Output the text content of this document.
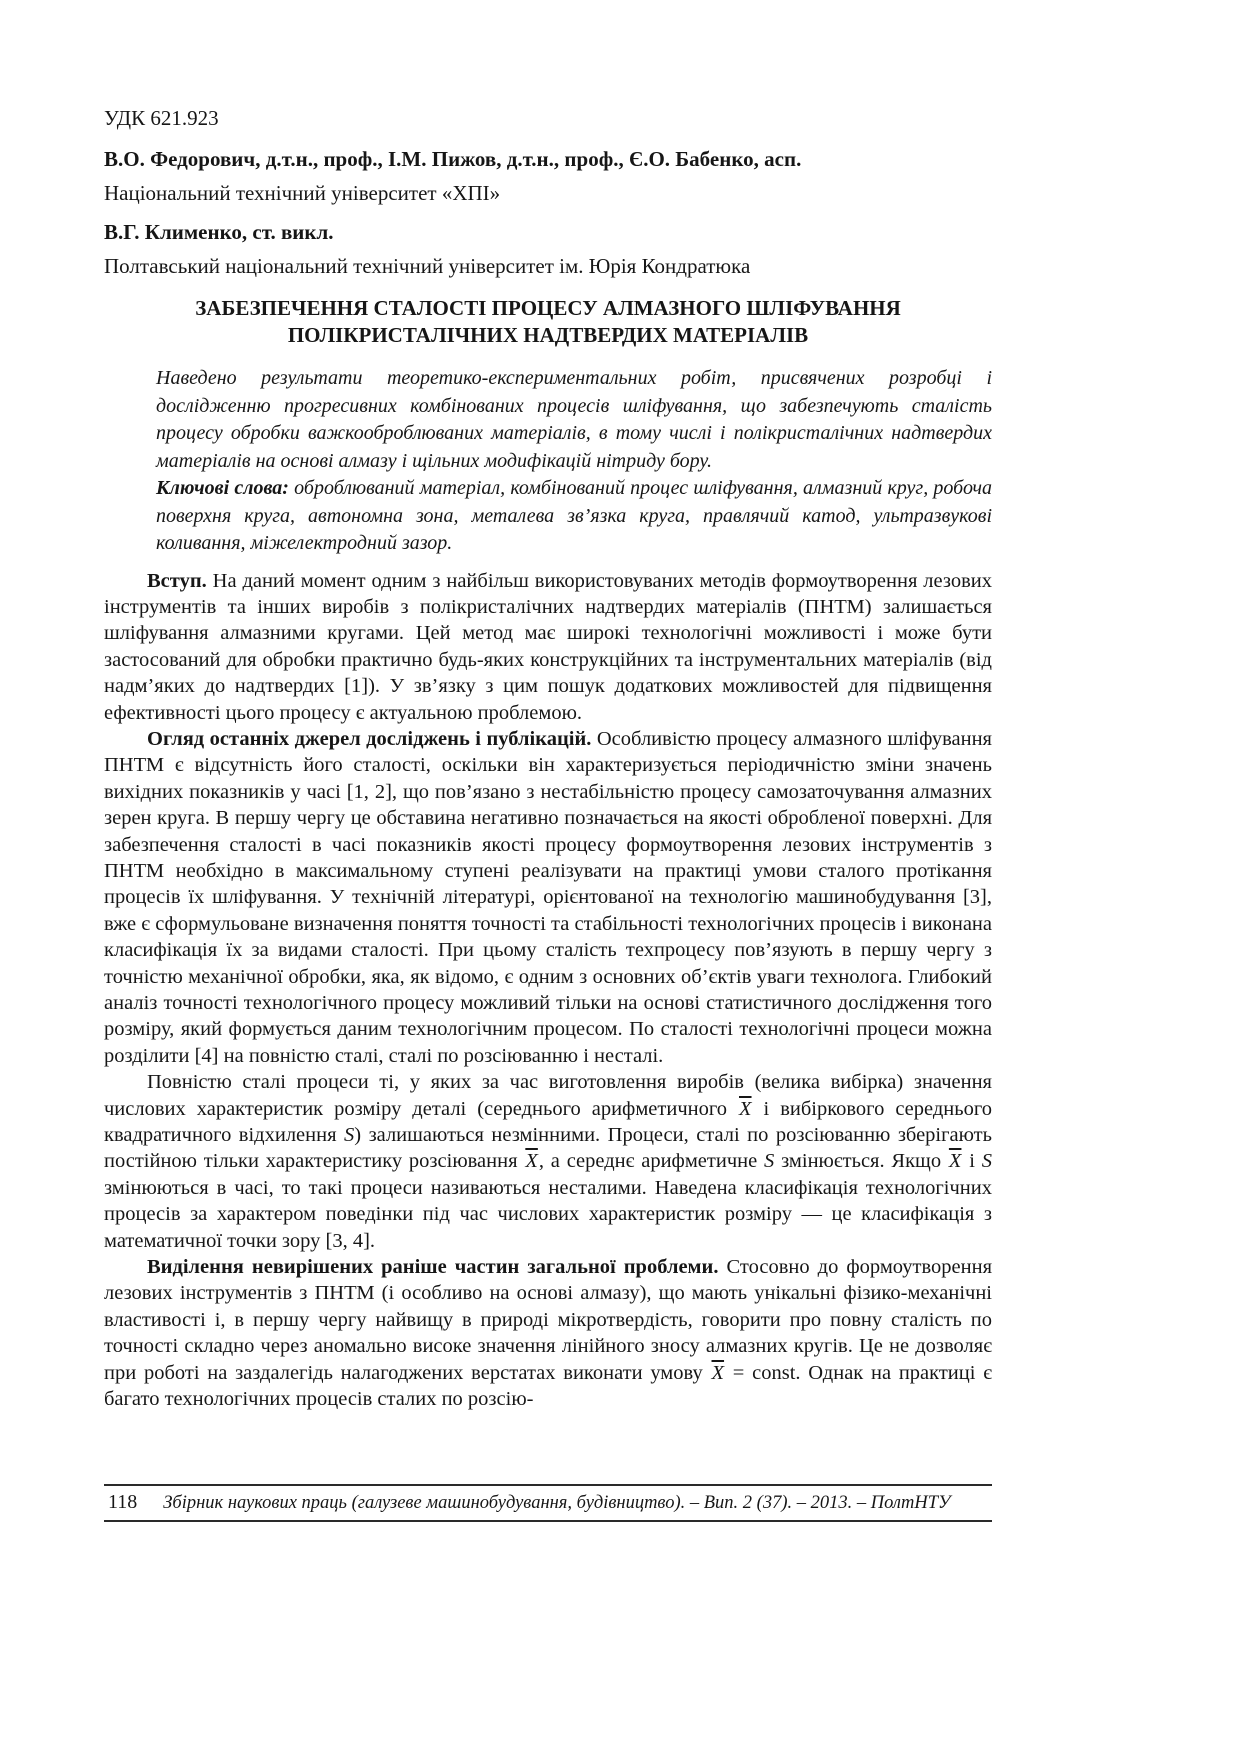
УДК 621.923
В.О. Федорович, д.т.н., проф., І.М. Пижов, д.т.н., проф., Є.О. Бабенко, асп.
Національний технічний університет «ХПІ»
В.Г. Клименко, ст. викл.
Полтавський національний технічний університет ім. Юрія Кондратюка
ЗАБЕЗПЕЧЕННЯ СТАЛОСТІ ПРОЦЕСУ АЛМАЗНОГО ШЛІФУВАННЯ
ПОЛІКРИСТАЛІЧНИХ НАДТВЕРДИХ МАТЕРІАЛІВ

Наведено результати теоретико-експериментальних робіт, присвячених розробці і дослідженню прогресивних комбінованих процесів шліфування, що забезпечують сталість процесу обробки важкооброблюваних матеріалів, в тому числі і полікристалічних надтвердих матеріалів на основі алмазу і щільних модифікацій нітриду бору.

Ключові слова: оброблюваний матеріал, комбінований процес шліфування, алмазний круг, робоча поверхня круга, автономна зона, металева зв’язка круга, правлячий катод, ультразвукові коливання, міжелектродний зазор.

Вступ. На даний момент одним з найбільш використовуваних методів формоутворення лезових інструментів та інших виробів з полікристалічних надтвердих матеріалів (ПНТМ) залишається шліфування алмазними кругами. Цей метод має широкі технологічні можливості і може бути застосований для обробки практично будь-яких конструкційних та інструментальних матеріалів (від надм’яких до надтвердих [1]). У зв’язку з цим пошук додаткових можливостей для підвищення ефективності цього процесу є актуальною проблемою.

Огляд останніх джерел досліджень і публікацій. Особливістю процесу алмазного шліфування ПНТМ є відсутність його сталості, оскільки він характеризується періодичністю зміни значень вихідних показників у часі [1, 2], що пов’язано з нестабільністю процесу самозаточування алмазних зерен круга. В першу чергу це обставина негативно позначається на якості обробленої поверхні. Для забезпечення сталості в часі показників якості процесу формоутворення лезових інструментів з ПНТМ необхідно в максимальному ступені реалізувати на практиці умови сталого протікання процесів їх шліфування. У технічній літературі, орієнтованої на технологію машинобудування [3], вже є сформульоване визначення поняття точності та стабільності технологічних процесів і виконана класифікація їх за видами сталості. При цьому сталість техпроцесу пов’язують в першу чергу з точністю механічної обробки, яка, як відомо, є одним з основних об’єктів уваги технолога. Глибокий аналіз точності технологічного процесу можливий тільки на основі статистичного дослідження того розміру, який формується даним технологічним процесом. По сталості технологічні процеси можна розділити [4] на повністю сталі, сталі по розсіюванню і несталі.

Повністю сталі процеси ті, у яких за час виготовлення виробів (велика вибірка) значення числових характеристик розміру деталі (середнього арифметичного $\overline{X}$ і вибіркового середнього квадратичного відхилення S) залишаються незмінними. Процеси, сталі по розсіюванню зберігають постійною тільки характеристику розсіювання $\overline{X}$, а середнє арифметичне S змінюється. Якщо $\overline{X}$ і S змінюються в часі, то такі процеси називаються несталими. Наведена класифікація технологічних процесів за характером поведінки під час числових характеристик розміру — це класифікація з математичної точки зору [3, 4].

Виділення невирішених раніше частин загальної проблеми. Стосовно до формоутворення лезових інструментів з ПНТМ (і особливо на основі алмазу), що мають унікальні фізико-механічні властивості і, в першу чергу найвищу в природі мікротвердість, говорити про повну сталість по точності складно через аномально високе значення лінійного зносу алмазних кругів. Це не дозволяє при роботі на заздалегідь налагоджених верстатах виконати умову $\overline{X}$ = const. Однак на практиці є багато технологічних процесів сталих по розсію-

118 Збірник наукових праць (галузеве машинобудування, будівництво). – Вип. 2 (37). – 2013. – ПолтНТУ
